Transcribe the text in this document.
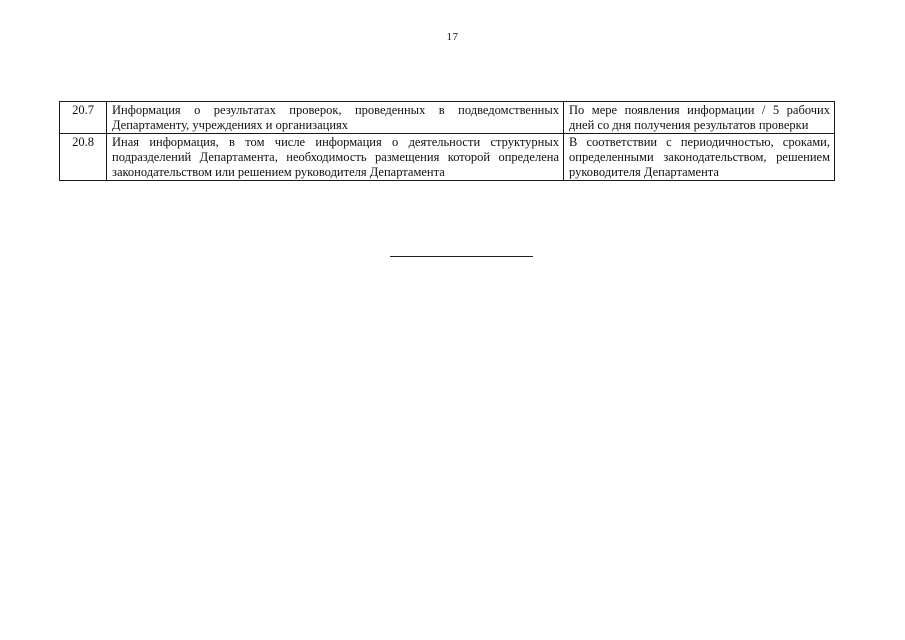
17
20.7	Информация о результатах проверок, проведенных в подведомственных Департаменту, учреждениях и организациях	По мере появления информации / 5 рабочих дней со дня получения результатов проверки
20.8	Иная информация, в том числе информация о деятельности структурных подразделений Департамента, необходимость размещения которой определена законодательством или решением руководителя Департамента	В соответствии с периодичностью, сроками, определенными законодательством, решением руководителя Департамента
